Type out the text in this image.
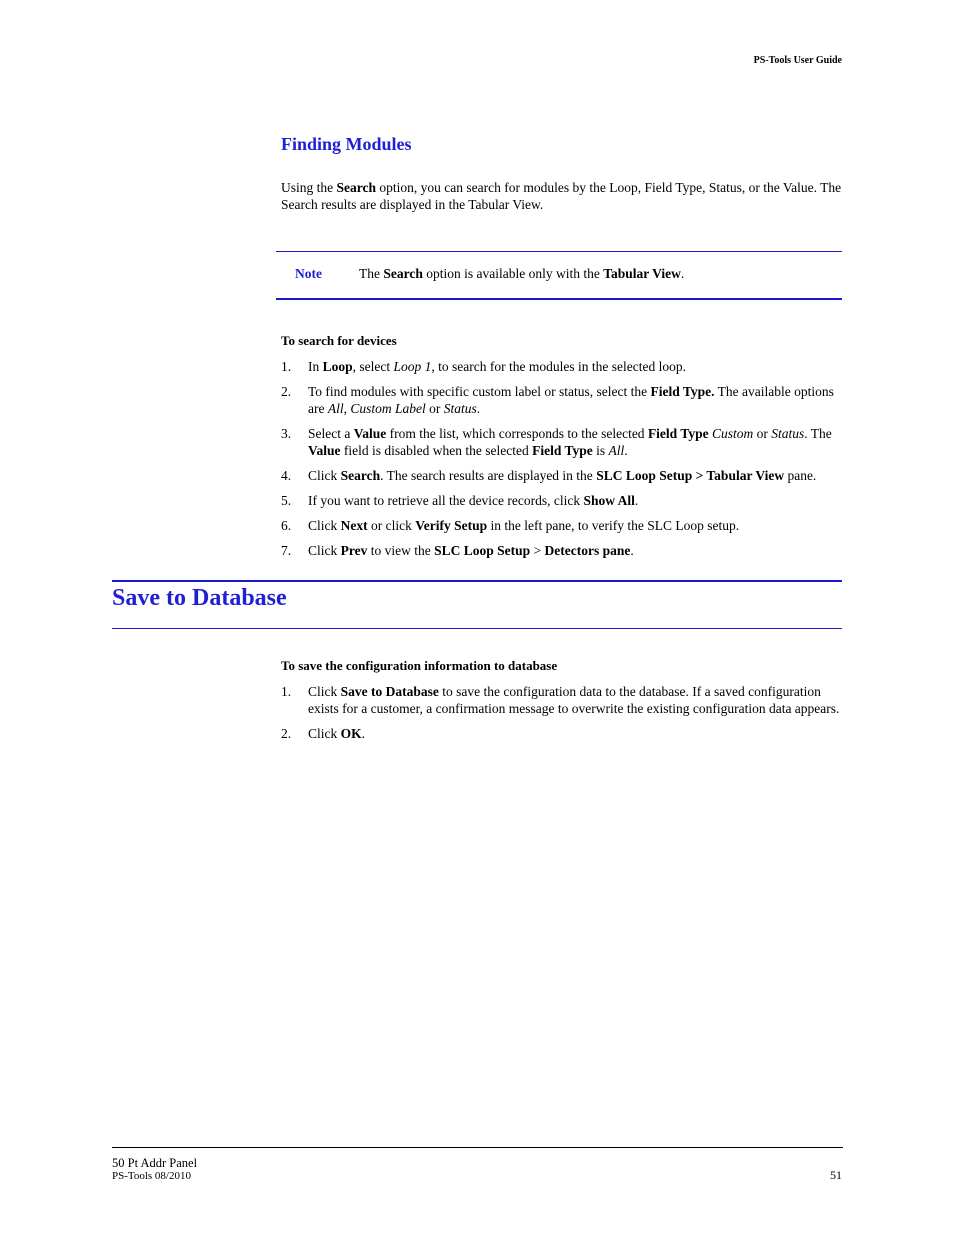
PS-Tools User Guide
Finding Modules
Using the Search option, you can search for modules by the Loop, Field Type, Status, or the Value. The Search results are displayed in the Tabular View.
Note	The Search option is available only with the Tabular View.
To search for devices
1. In Loop, select Loop 1, to search for the modules in the selected loop.
2. To find modules with specific custom label or status, select the Field Type. The available options are All, Custom Label or Status.
3. Select a Value from the list, which corresponds to the selected Field Type Custom or Status. The Value field is disabled when the selected Field Type is All.
4. Click Search. The search results are displayed in the SLC Loop Setup > Tabular View pane.
5. If you want to retrieve all the device records, click Show All.
6. Click Next or click Verify Setup in the left pane, to verify the SLC Loop setup.
7. Click Prev to view the SLC Loop Setup > Detectors pane.
Save to Database
To save the configuration information to database
1. Click Save to Database to save the configuration data to the database. If a saved configuration exists for a customer, a confirmation message to overwrite the existing configuration data appears.
2. Click OK.
50 Pt Addr Panel
PS-Tools 08/2010	51
